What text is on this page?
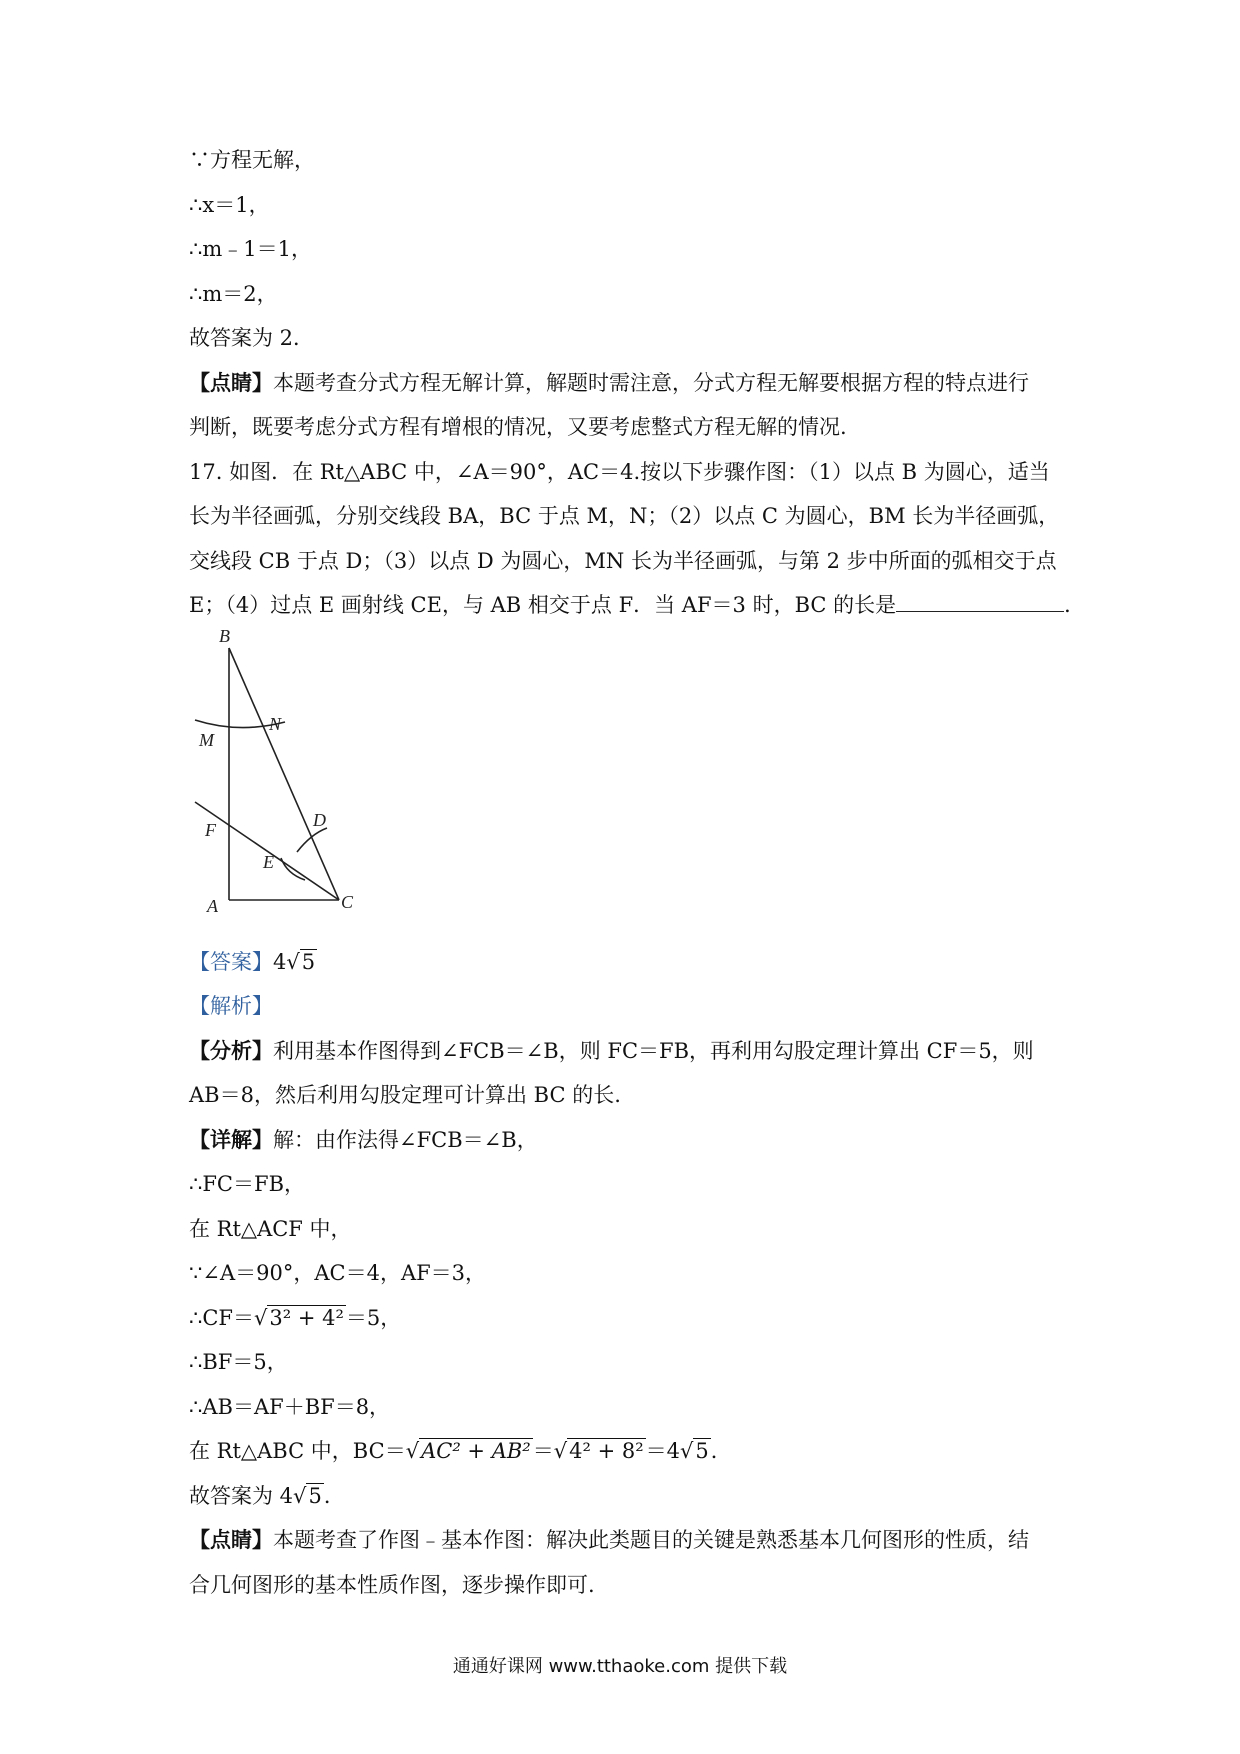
∵方程无解，
∴x＝1，
∴m﹣1＝1，
∴m＝2，
故答案为 2．
【点睛】本题考查分式方程无解计算，解题时需注意，分式方程无解要根据方程的特点进行
判断，既要考虑分式方程有增根的情况，又要考虑整式方程无解的情况.
17. 如图．在 Rt△ABC 中，∠A＝90°，AC＝4.按以下步骤作图：（1）以点 B 为圆心，适当
长为半径画弧，分别交线段 BA，BC 于点 M，N；（2）以点 C 为圆心，BM 长为半径画弧，
交线段 CB 于点 D；（3）以点 D 为圆心，MN 长为半径画弧，与第 2 步中所面的弧相交于点
E；（4）过点 E 画射线 CE，与 AB 相交于点 F．当 AF＝3 时，BC 的长是	．
【答案】4√5
【解析】
【分析】利用基本作图得到∠FCB＝∠B，则 FC＝FB，再利用勾股定理计算出 CF＝5，则
AB＝8，然后利用勾股定理可计算出 BC 的长.
【详解】解：由作法得∠FCB＝∠B，
∴FC＝FB，
在 Rt△ACF 中，
∵∠A＝90°，AC＝4，AF＝3，
∴CF＝√3² + 4²＝5，
∴BF＝5，
∴AB＝AF＋BF＝8，
在 Rt△ABC 中，BC＝√AC² + AB²＝√4² + 8²＝4√5．
故答案为 4√5．
【点睛】本题考查了作图﹣基本作图：解决此类题目的关键是熟悉基本几何图形的性质，结
合几何图形的基本性质作图，逐步操作即可.
B
M
N
D
F
E
A	C
通通好课网 www.tthaoke.com 提供下载
